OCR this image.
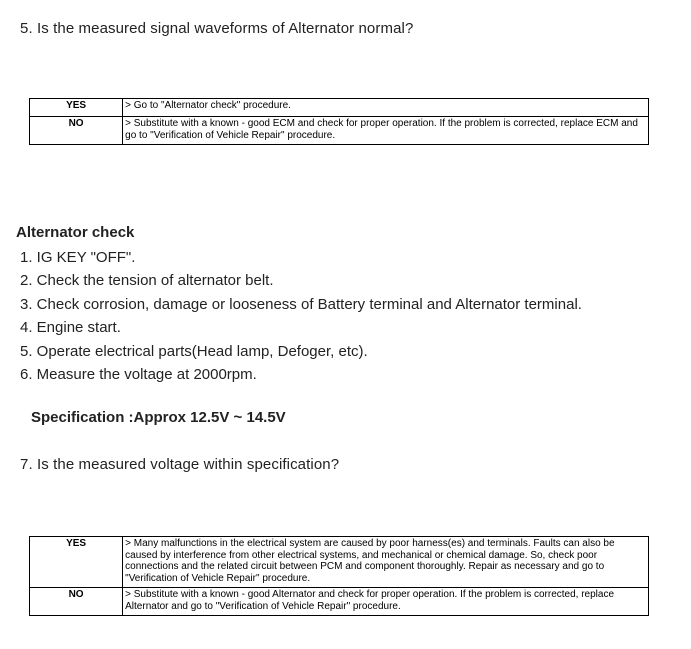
5. Is the measured signal waveforms of Alternator normal?
YES	> Go to "Alternator check" procedure.
NO	> Substitute with a known - good ECM and check for proper operation. If the problem is corrected, replace ECM and go to "Verification of Vehicle Repair" procedure.
Alternator check
1. IG KEY "OFF".
2. Check the tension of alternator belt.
3. Check corrosion, damage or looseness of Battery terminal and Alternator terminal.
4. Engine start.
5. Operate electrical parts(Head lamp, Defoger, etc).
6. Measure the voltage at 2000rpm.
Specification :Approx 12.5V ~ 14.5V
7. Is the measured voltage within specification?
YES	> Many malfunctions in the electrical system are caused by poor harness(es) and terminals. Faults can also be caused by interference from other electrical systems, and mechanical or chemical damage. So, check poor connections and the related circuit between PCM and component thoroughly. Repair as necessary and go to "Verification of Vehicle Repair" procedure.
NO	> Substitute with a known - good Alternator and check for proper operation. If the problem is corrected, replace Alternator and go to "Verification of Vehicle Repair" procedure.
